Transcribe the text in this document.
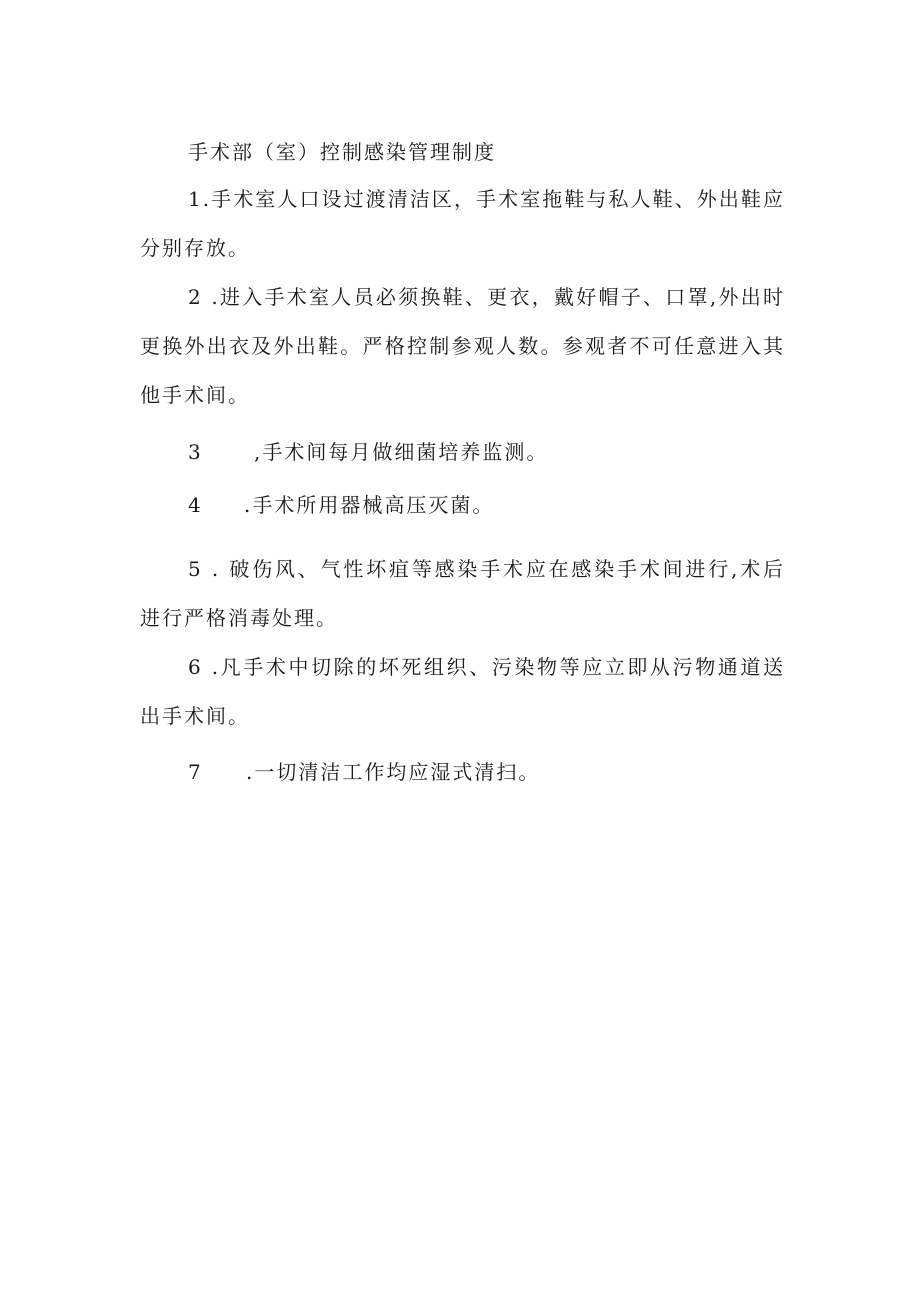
手术部（室）控制感染管理制度
1.手术室人口设过渡清洁区，手术室拖鞋与私人鞋、外出鞋应分别存放。
2 .进入手术室人员必须换鞋、更衣，戴好帽子、口罩,外出时更换外出衣及外出鞋。严格控制参观人数。参观者不可任意进入其他手术间。
3	,手术间每月做细菌培养监测。
4 .手术所用器械高压灭菌。
5 . 破伤风、气性坏疽等感染手术应在感染手术间进行,术后进行严格消毒处理。
6 .凡手术中切除的坏死组织、污染物等应立即从污物通道送出手术间。
7 .一切清洁工作均应湿式清扫。
